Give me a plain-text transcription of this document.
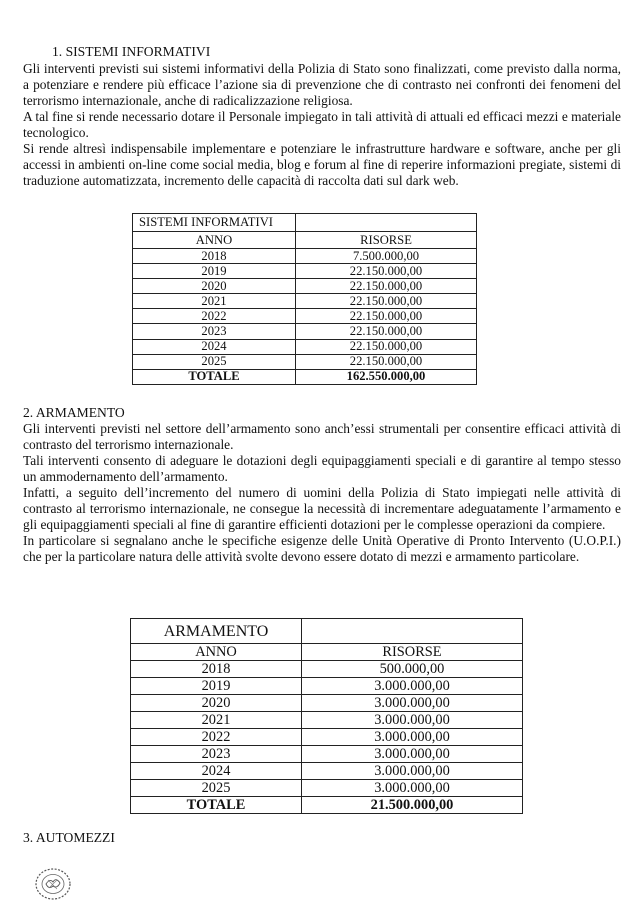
1. SISTEMI INFORMATIVI

Gli interventi previsti sui sistemi informativi della Polizia di Stato sono finalizzati, come previsto dalla norma, a potenziare e rendere più efficace l’azione sia di prevenzione che di contrasto nei confronti dei fenomeni del terrorismo internazionale, anche di radicalizzazione religiosa.

A tal fine si rende necessario dotare il Personale impiegato in tali attività di attuali ed efficaci mezzi e materiale tecnologico.

Si rende altresì indispensabile implementare e potenziare le infrastrutture hardware e software, anche per gli accessi in ambienti on-line come social media, blog e forum al fine di reperire informazioni pregiate, sistemi di traduzione automatizzata, incremento delle capacità di raccolta dati sul dark web.

SISTEMI INFORMATIVI	
ANNO	RISORSE
2018	7.500.000,00
2019	22.150.000,00
2020	22.150.000,00
2021	22.150.000,00
2022	22.150.000,00
2023	22.150.000,00
2024	22.150.000,00
2025	22.150.000,00
TOTALE	162.550.000,00
2. ARMAMENTO

Gli interventi previsti nel settore dell’armamento sono anch’essi strumentali per consentire efficaci attività di contrasto del terrorismo internazionale.

Tali interventi consento di adeguare le dotazioni degli equipaggiamenti speciali e di garantire al tempo stesso un ammodernamento dell’armamento.

Infatti, a seguito dell’incremento del numero di uomini della Polizia di Stato impiegati nelle attività di contrasto al terrorismo internazionale, ne consegue la necessità di incrementare adeguatamente l’armamento e gli equipaggiamenti speciali al fine di garantire efficienti dotazioni per le complesse operazioni da compiere.

In particolare si segnalano anche le specifiche esigenze delle Unità Operative di Pronto Intervento (U.O.P.I.) che per la particolare natura delle attività svolte devono essere dotato di mezzi e armamento particolare.

ARMAMENTO	
ANNO	RISORSE
2018	500.000,00
2019	3.000.000,00
2020	3.000.000,00
2021	3.000.000,00
2022	3.000.000,00
2023	3.000.000,00
2024	3.000.000,00
2025	3.000.000,00
TOTALE	21.500.000,00
3. AUTOMEZZI
